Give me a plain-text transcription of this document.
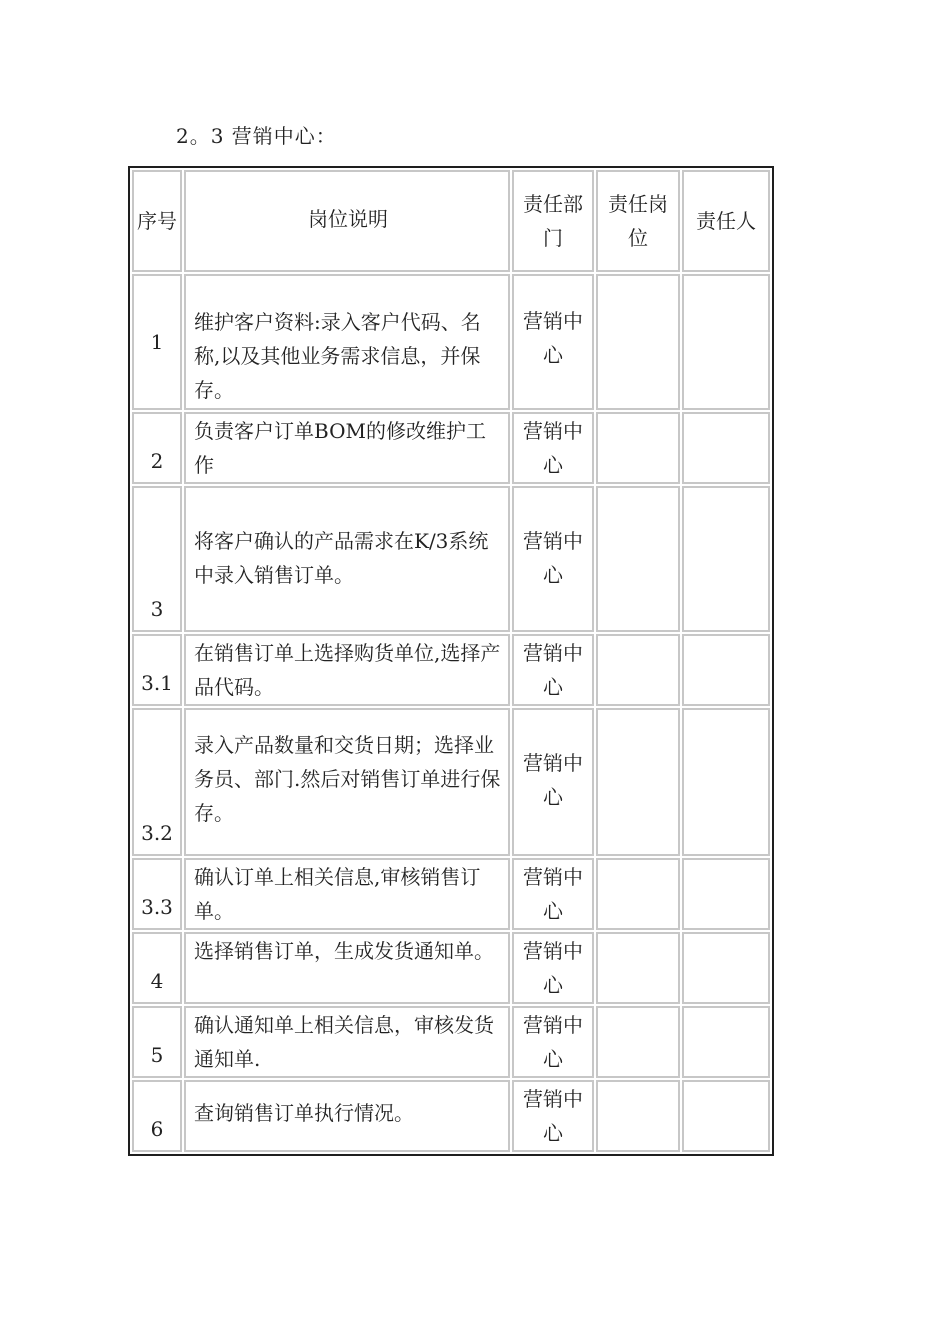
2。3 营销中心：
序号	岗位说明	责任部门	责任岗位	责任人
1	维护客户资料:录入客户代码、名称,以及其他业务需求信息，并保存。	营销中心		
2	负责客户订单BOM的修改维护工作	营销中心		
3	将客户确认的产品需求在K/3系统中录入销售订单。	营销中心		
3.1	在销售订单上选择购货单位,选择产品代码。	营销中心		
3.2	录入产品数量和交货日期；选择业务员、部门.然后对销售订单进行保存。	营销中心		
3.3	确认订单上相关信息,审核销售订单。	营销中心		
4	选择销售订单，生成发货通知单。	营销中心		
5	确认通知单上相关信息，审核发货通知单.	营销中心		
6	查询销售订单执行情况。	营销中心		
